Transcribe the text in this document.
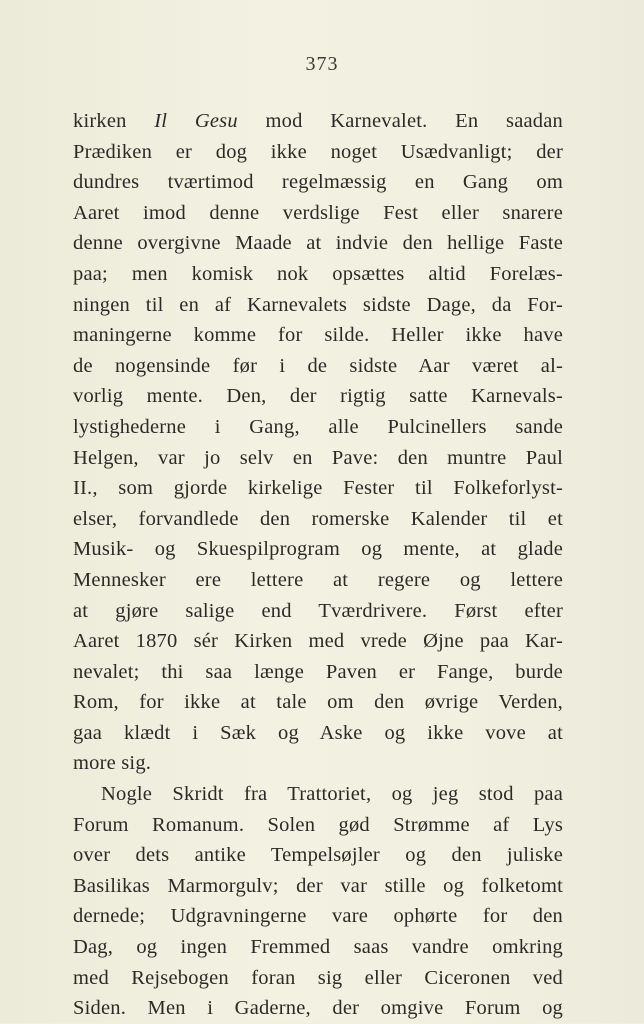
373
kirken Il Gesu mod Karnevalet. En saadan
Prædiken er dog ikke noget Usædvanligt; der
dundres tværtimod regelmæssig en Gang om
Aaret imod denne verdslige Fest eller snarere
denne overgivne Maade at indvie den hellige Faste
paa; men komisk nok opsættes altid Forelæs-
ningen til en af Karnevalets sidste Dage, da For-
maningerne komme for silde. Heller ikke have
de nogensinde før i de sidste Aar været al-
vorlig mente. Den, der rigtig satte Karnevals-
lystighederne i Gang, alle Pulcinellers sande
Helgen, var jo selv en Pave: den muntre Paul
II., som gjorde kirkelige Fester til Folkeforlyst-
elser, forvandlede den romerske Kalender til et
Musik- og Skuespilprogram og mente, at glade
Mennesker ere lettere at regere og lettere
at gjøre salige end Tværdrivere. Først efter
Aaret 1870 sér Kirken med vrede Øjne paa Kar-
nevalet; thi saa længe Paven er Fange, burde
Rom, for ikke at tale om den øvrige Verden,
gaa klædt i Sæk og Aske og ikke vove at
more sig.
Nogle Skridt fra Trattoriet, og jeg stod paa
Forum Romanum. Solen gød Strømme af Lys
over dets antike Tempelsøjler og den juliske
Basilikas Marmorgulv; der var stille og folketomt
dernede; Udgravningerne vare ophørte for den
Dag, og ingen Fremmed saas vandre omkring
med Rejsebogen foran sig eller Ciceronen ved
Siden. Men i Gaderne, der omgive Forum og
